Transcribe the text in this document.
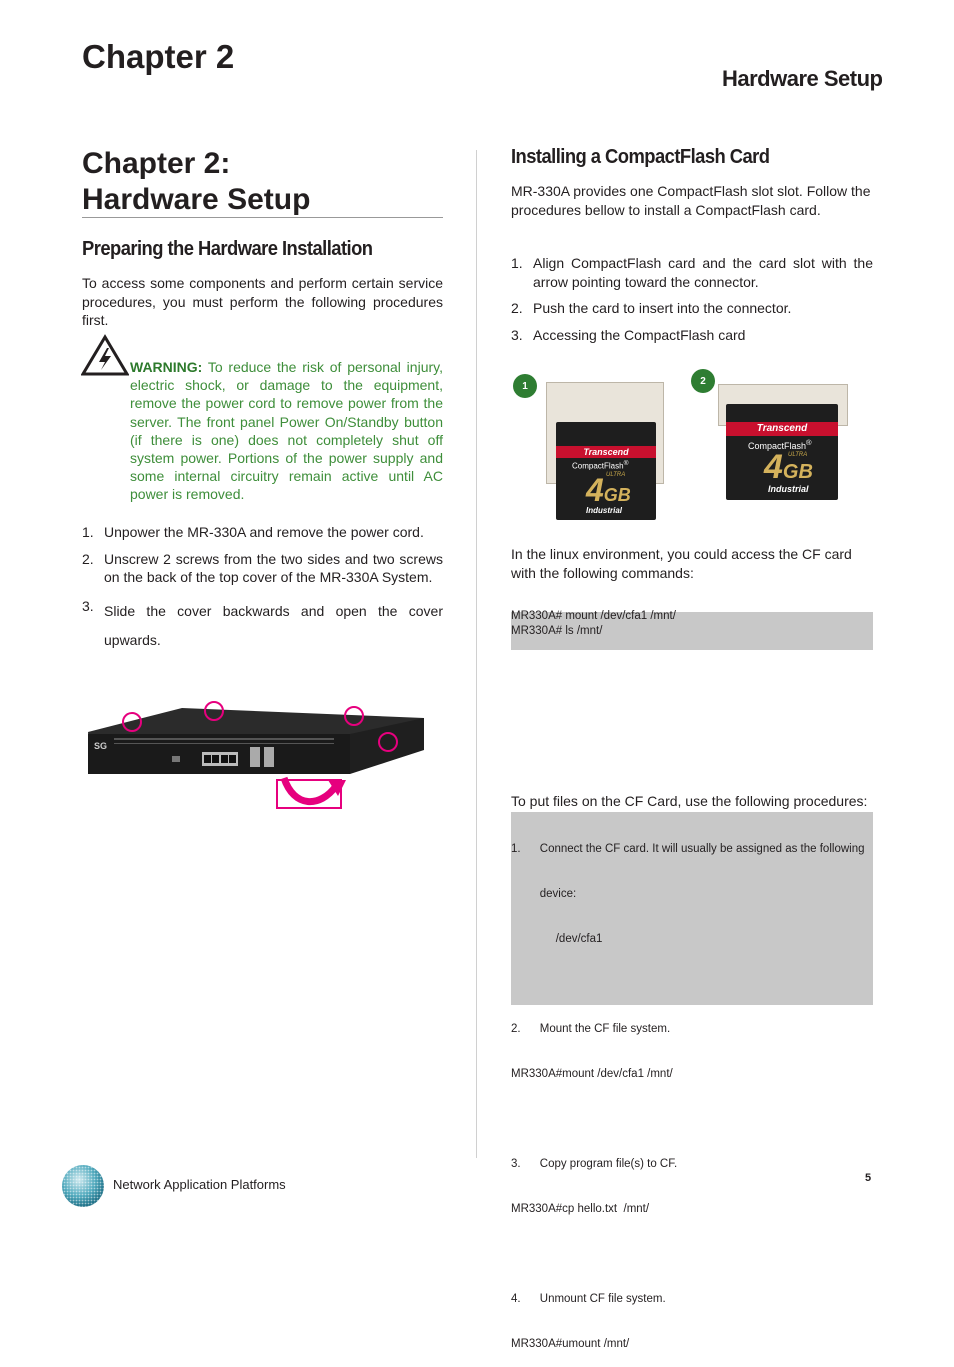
Chapter 2
Hardware Setup
Chapter 2:
Hardware Setup
Preparing the Hardware Installation
To access some components and perform certain service procedures, you must perform the following procedures first.
WARNING: To reduce the risk of personal injury, electric shock, or damage to the equipment, remove the power cord to remove power from the server. The front panel Power On/Standby button (if there is one) does not completely shut off system power. Portions of the power supply and some internal circuitry remain active until AC power is removed.
1. Unpower the MR-330A and remove the power cord.
2. Unscrew 2 screws from the two sides and two screws on the back of the top cover of the MR-330A System.
3. Slide the cover backwards and open the cover upwards.
SG
Installing a CompactFlash Card
MR-330A provides one CompactFlash slot slot. Follow the procedures bellow to install a CompactFlash card.
1. Align CompactFlash card and the card slot with the arrow pointing toward the connector.
2. Push the card to insert into the connector.
3. Accessing the CompactFlash card
1	2
Transcend
CompactFlash®
ULTRA
4GB
Industrial
Transcend
CompactFlash®
ULTRA
4GB
Industrial
In the linux environment, you could access the CF card with the following commands:
MR330A# mount /dev/cfa1 /mnt/
MR330A# ls /mnt/
To put files on the CF Card, use the following procedures:

1.      Connect the CF card. It will usually be assigned as the following

device:

/dev/cfa1

2.      Mount the CF file system.

MR330A#mount /dev/cfa1 /mnt/

3.      Copy program file(s) to CF.

MR330A#cp hello.txt  /mnt/

4.      Unmount CF file system.

MR330A#umount /mnt/

Network Application Platforms	5
